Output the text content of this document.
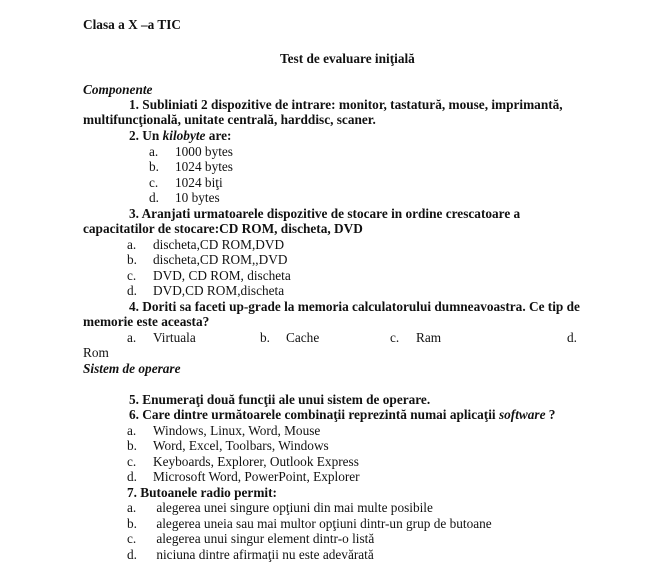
Clasa a X –a TIC
Test de evaluare iniţială
Componente
1. Subliniati 2 dispozitive de intrare: monitor, tastatură, mouse, imprimantă,
multifuncţională, unitate centrală, harddisc, scaner.
2. Un kilobyte are:
a. 1000 bytes
b. 1024 bytes
c. 1024 biţi
d. 10 bytes
3. Aranjati urmatoarele dispozitive de stocare in ordine crescatoare a
capacitatilor de stocare:CD ROM, discheta, DVD
a. discheta,CD ROM,DVD
b. discheta,CD ROM,,DVD
c. DVD, CD ROM, discheta
d. DVD,CD ROM,discheta
4. Doriti sa faceti up-grade la memoria calculatorului dumneavoastra. Ce tip de
memorie este aceasta?
a. Virtuala	b. Cache	c. Ram	d.
Rom
Sistem de operare
5. Enumeraţi două funcţii ale unui sistem de operare.
6. Care dintre următoarele combinaţii reprezintă numai aplicaţii software ?
a. Windows, Linux, Word, Mouse
b. Word, Excel, Toolbars, Windows
c. Keyboards, Explorer, Outlook Express
d. Microsoft Word, PowerPoint, Explorer
7. Butoanele radio permit:
a. alegerea unei singure opţiuni din mai multe posibile
b. alegerea uneia sau mai multor opţiuni dintr-un grup de butoane
c. alegerea unui singur element dintr-o listă
d. niciuna dintre afirmaţii nu este adevărată
